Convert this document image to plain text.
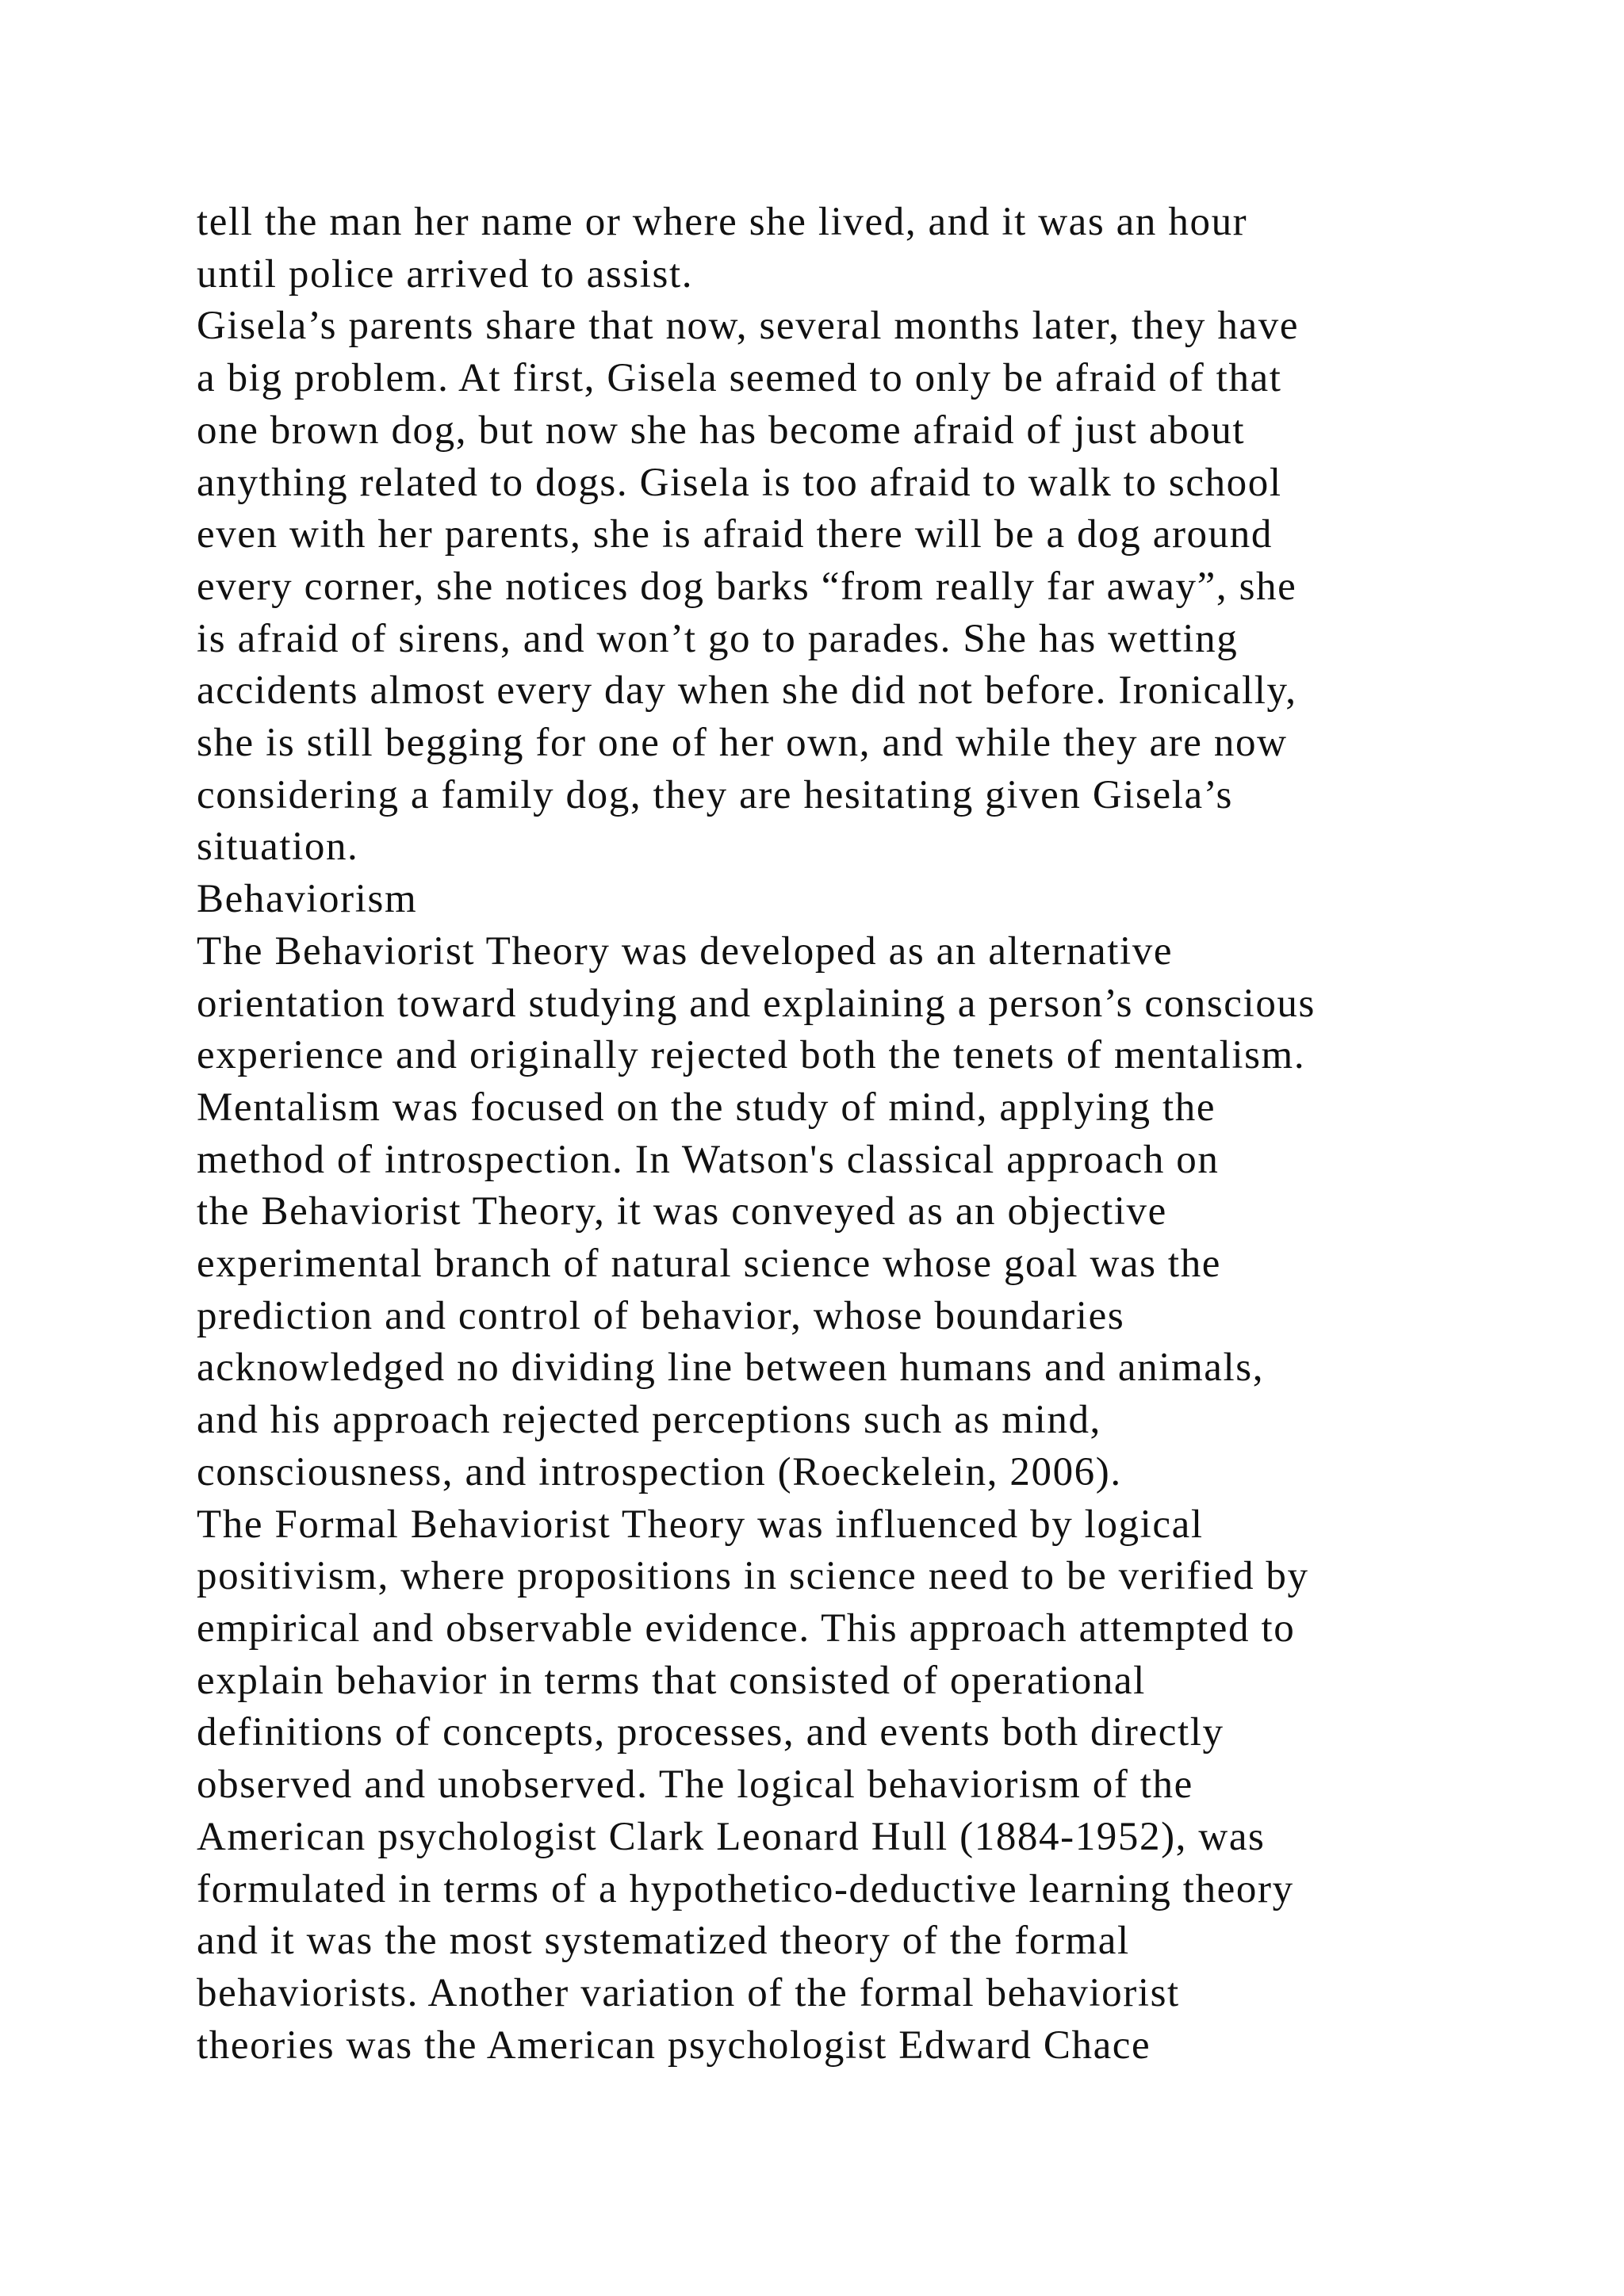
tell the man her name or where she lived, and it was an hour
until police arrived to assist.
Gisela’s parents share that now, several months later, they have
a big problem. At first, Gisela seemed to only be afraid of that
one brown dog, but now she has become afraid of just about
anything related to dogs. Gisela is too afraid to walk to school
even with her parents, she is afraid there will be a dog around
every corner, she notices dog barks “from really far away”, she
is afraid of sirens, and won’t go to parades. She has wetting
accidents almost every day when she did not before. Ironically,
she is still begging for one of her own, and while they are now
considering a family dog, they are hesitating given Gisela’s
situation.
Behaviorism
The Behaviorist Theory was developed as an alternative
orientation toward studying and explaining a person’s conscious
experience and originally rejected both the tenets of mentalism.
Mentalism was focused on the study of mind, applying the
method of introspection. In Watson's classical approach on
the Behaviorist Theory, it was conveyed as an objective
experimental branch of natural science whose goal was the
prediction and control of behavior, whose boundaries
acknowledged no dividing line between humans and animals,
and his approach rejected perceptions such as mind,
consciousness, and introspection (Roeckelein, 2006).
The Formal Behaviorist Theory was influenced by logical
positivism, where propositions in science need to be verified by
empirical and observable evidence. This approach attempted to
explain behavior in terms that consisted of operational
definitions of concepts, processes, and events both directly
observed and unobserved. The logical behaviorism of the
American psychologist Clark Leonard Hull (1884-1952), was
formulated in terms of a hypothetico-deductive learning theory
and it was the most systematized theory of the formal
behaviorists. Another variation of the formal behaviorist
theories was the American psychologist Edward Chace
